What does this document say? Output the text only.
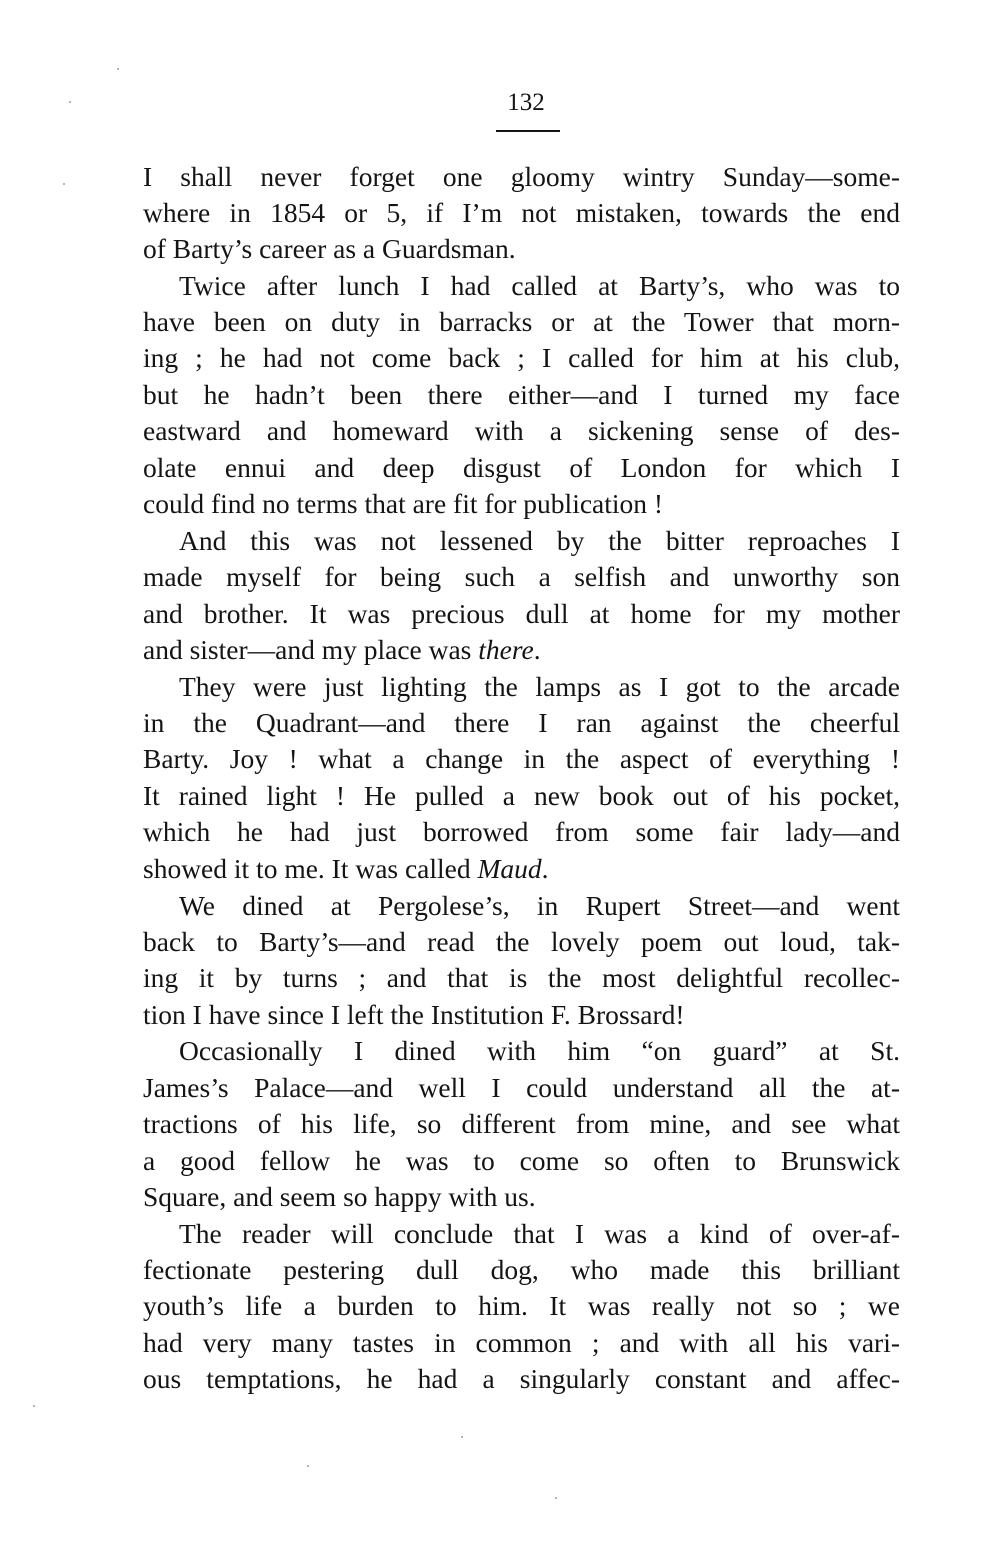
132
I shall never forget one gloomy wintry Sunday—some-
where in 1854 or 5, if I’m not mistaken, towards the end
of Barty’s career as a Guardsman.
Twice after lunch I had called at Barty’s, who was to
have been on duty in barracks or at the Tower that morn-
ing ; he had not come back ; I called for him at his club,
but he hadn’t been there either—and I turned my face
eastward and homeward with a sickening sense of des-
olate ennui and deep disgust of London for which I
could find no terms that are fit for publication !
And this was not lessened by the bitter reproaches I
made myself for being such a selfish and unworthy son
and brother. It was precious dull at home for my mother
and sister—and my place was there.
They were just lighting the lamps as I got to the arcade
in the Quadrant—and there I ran against the cheerful
Barty. Joy ! what a change in the aspect of everything !
It rained light ! He pulled a new book out of his pocket,
which he had just borrowed from some fair lady—and
showed it to me. It was called Maud.
We dined at Pergolese’s, in Rupert Street—and went
back to Barty’s—and read the lovely poem out loud, tak-
ing it by turns ; and that is the most delightful recollec-
tion I have since I left the Institution F. Brossard!
Occasionally I dined with him “on guard” at St.
James’s Palace—and well I could understand all the at-
tractions of his life, so different from mine, and see what
a good fellow he was to come so often to Brunswick
Square, and seem so happy with us.
The reader will conclude that I was a kind of over-af-
fectionate pestering dull dog, who made this brilliant
youth’s life a burden to him. It was really not so ; we
had very many tastes in common ; and with all his vari-
ous temptations, he had a singularly constant and affec-
